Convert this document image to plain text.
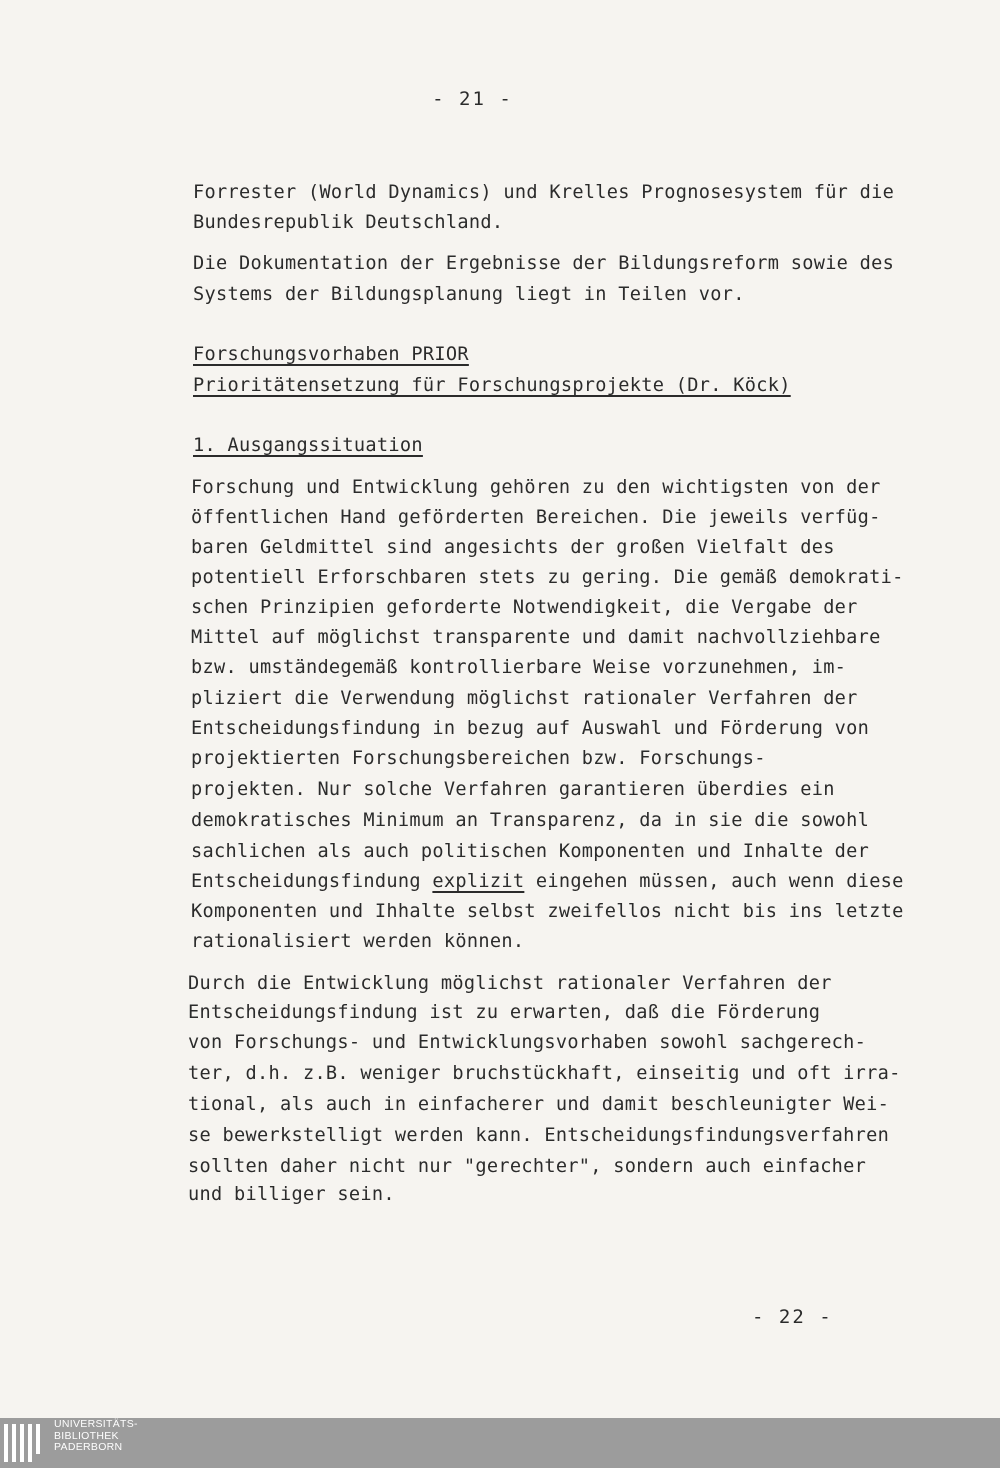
- 21 -
Forrester (World Dynamics) und Krelles Prognosesystem für die
Bundesrepublik Deutschland.
Die Dokumentation der Ergebnisse der Bildungsreform sowie des
Systems der Bildungsplanung liegt in Teilen vor.
Forschungsvorhaben PRIOR
Prioritätensetzung für Forschungsprojekte (Dr. Köck)
1. Ausgangssituation
Forschung und Entwicklung gehören zu den wichtigsten von der
öffentlichen Hand geförderten Bereichen. Die jeweils verfüg-
baren Geldmittel sind angesichts der großen Vielfalt des
potentiell Erforschbaren stets zu gering. Die gemäß demokrati-
schen Prinzipien geforderte Notwendigkeit, die Vergabe der
Mittel auf möglichst transparente und damit nachvollziehbare
bzw. umständegemäß kontrollierbare Weise vorzunehmen, im-
pliziert die Verwendung möglichst rationaler Verfahren der
Entscheidungsfindung in bezug auf Auswahl und Förderung von
projektierten Forschungsbereichen bzw. Forschungs-
projekten. Nur solche Verfahren garantieren überdies ein
demokratisches Minimum an Transparenz, da in sie die sowohl
sachlichen als auch politischen Komponenten und Inhalte der
Entscheidungsfindung explizit eingehen müssen, auch wenn diese
Komponenten und Ihhalte selbst zweifellos nicht bis ins letzte
rationalisiert werden können.
Durch die Entwicklung möglichst rationaler Verfahren der
Entscheidungsfindung ist zu erwarten, daß die Förderung
von Forschungs- und Entwicklungsvorhaben sowohl sachgerech-
ter, d.h. z.B. weniger bruchstückhaft, einseitig und oft irra-
tional, als auch in einfacherer und damit beschleunigter Wei-
se bewerkstelligt werden kann. Entscheidungsfindungsverfahren
sollten daher nicht nur "gerechter", sondern auch einfacher
und billiger sein.
- 22 -
UNIVERSITÄTS-
BIBLIOTHEK
PADERBORN
